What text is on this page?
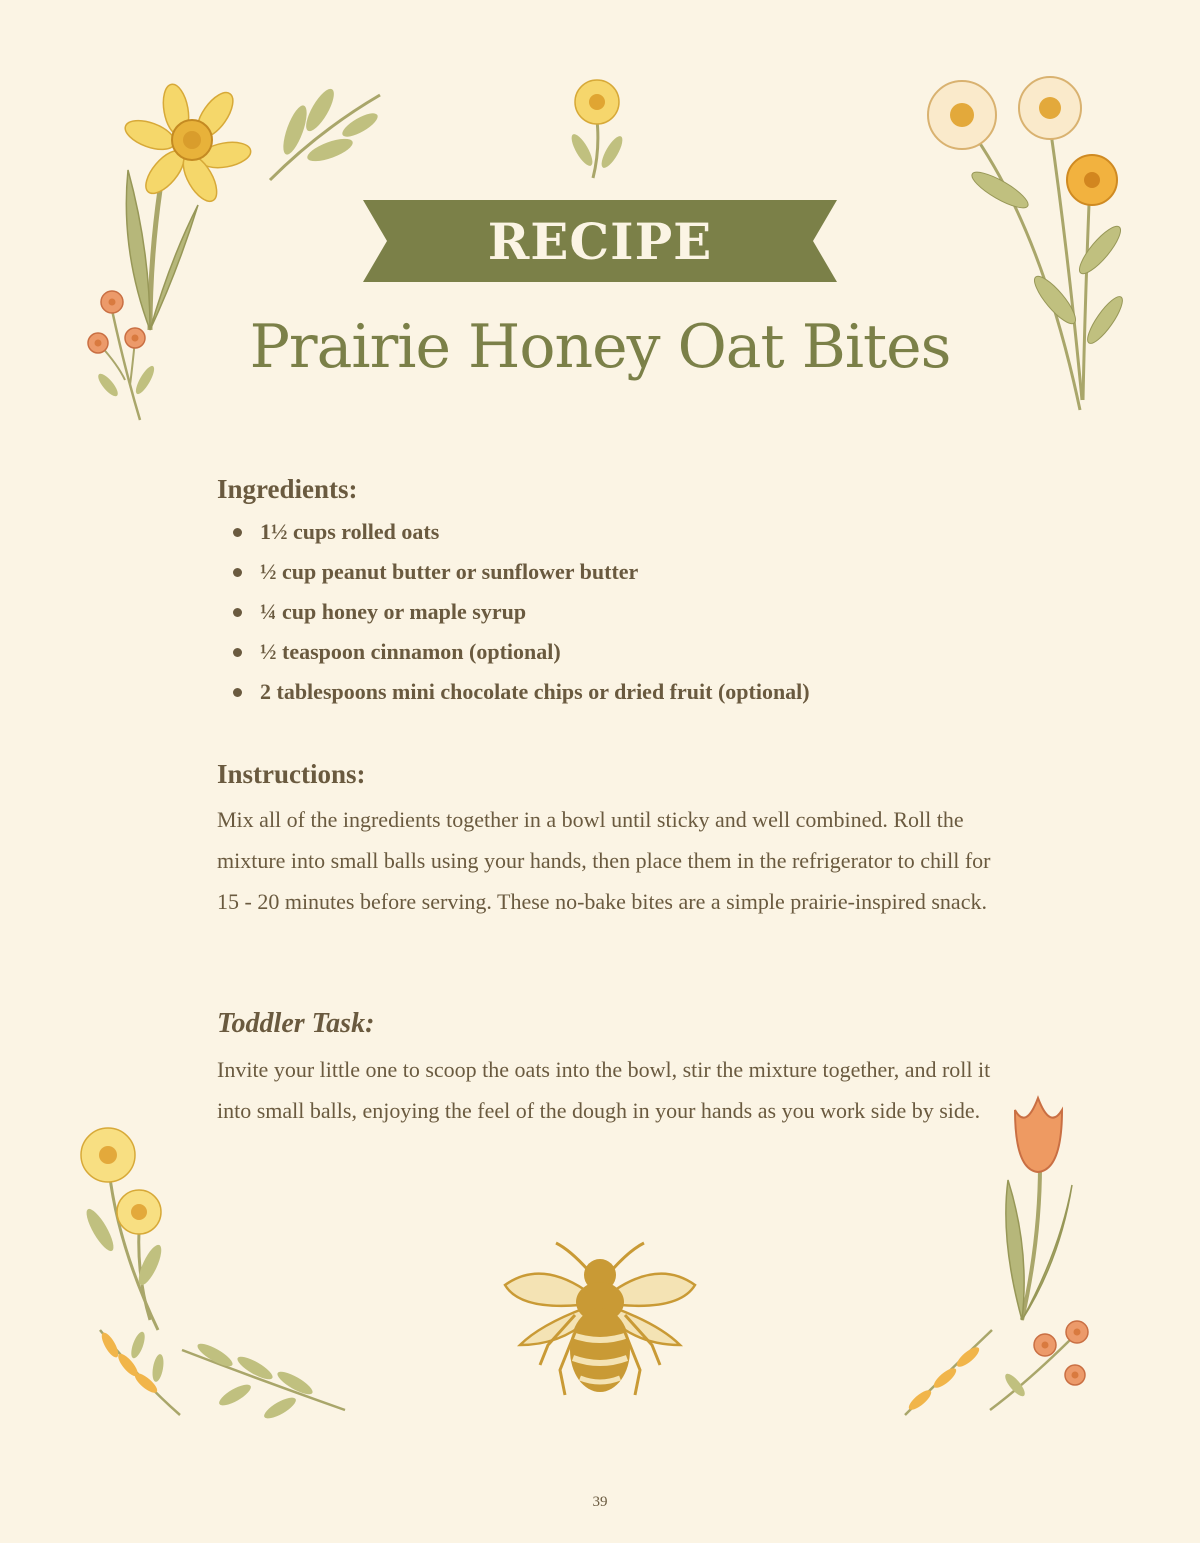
RECIPE
Prairie Honey Oat Bites
Ingredients:
1½ cups rolled oats
½ cup peanut butter or sunflower butter
¼ cup honey or maple syrup
½ teaspoon cinnamon (optional)
2 tablespoons mini chocolate chips or dried fruit (optional)
Instructions:

Mix all of the ingredients together in a bowl until sticky and well combined. Roll the mixture into small balls using your hands, then place them in the refrigerator to chill for 15 - 20 minutes before serving. These no-bake bites are a simple prairie-inspired snack.

Toddler Task:

Invite your little one to scoop the oats into the bowl, stir the mixture together, and roll it into small balls, enjoying the feel of the dough in your hands as you work side by side.

39
